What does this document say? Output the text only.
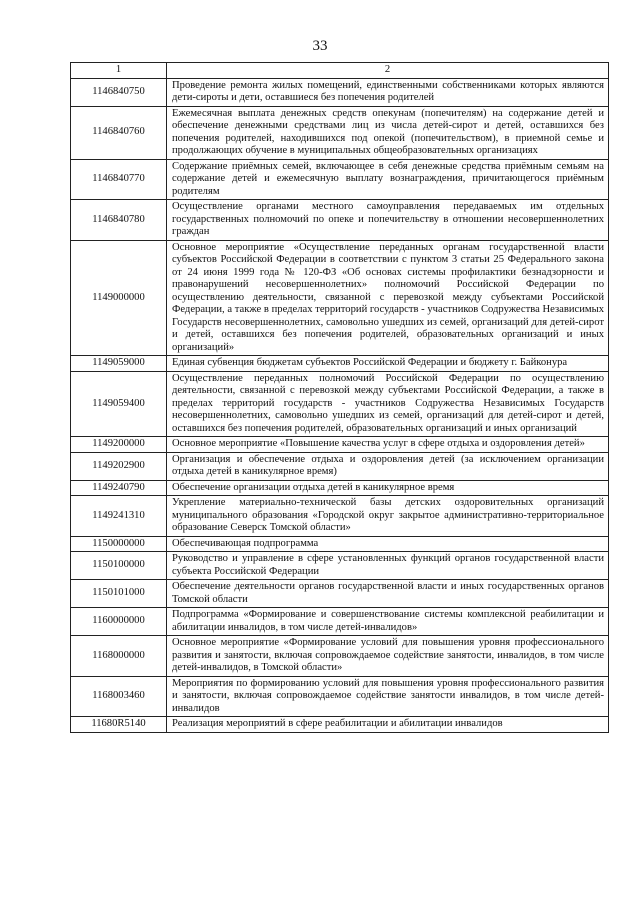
33
1	2
1146840750	Проведение ремонта жилых помещений, единственными собственниками которых являются дети-сироты и дети, оставшиеся без попечения родителей
1146840760	Ежемесячная выплата денежных средств опекунам (попечителям) на содержание детей и обеспечение денежными средствами лиц из числа детей-сирот и детей, оставшихся без попечения родителей, находившихся под опекой (попечительством), в приемной семье и продолжающих обучение в муниципальных общеобразовательных организациях
1146840770	Содержание приёмных семей, включающее в себя денежные средства приёмным семьям на содержание детей и ежемесячную выплату вознаграждения, причитающегося приёмным родителям
1146840780	Осуществление органами местного самоуправления передаваемых им отдельных государственных полномочий по опеке и попечительству в отношении несовершеннолетних граждан
1149000000	Основное мероприятие «Осуществление переданных органам государственной власти субъектов Российской Федерации в соответствии с пунктом 3 статьи 25 Федерального закона от 24 июня 1999 года № 120-ФЗ «Об основах системы профилактики безнадзорности и правонарушений несовершеннолетних» полномочий Российской Федерации по осуществлению деятельности, связанной с перевозкой между субъектами Российской Федерации, а также в пределах территорий государств - участников Содружества Независимых Государств несовершеннолетних, самовольно ушедших из семей, организаций для детей-сирот и детей, оставшихся без попечения родителей, образовательных организаций и иных организаций»
1149059000	Единая субвенция бюджетам субъектов Российской Федерации и бюджету г. Байконура
1149059400	Осуществление переданных полномочий Российской Федерации по осуществлению деятельности, связанной с перевозкой между субъектами Российской Федерации, а также в пределах территорий государств - участников Содружества Независимых Государств несовершеннолетних, самовольно ушедших из семей, организаций для детей-сирот и детей, оставшихся без попечения родителей, образовательных организаций и иных организаций
1149200000	Основное мероприятие «Повышение качества услуг в сфере отдыха и оздоровления детей»
1149202900	Организация и обеспечение отдыха и оздоровления детей (за исключением организации отдыха детей в каникулярное время)
1149240790	Обеспечение организации отдыха детей в каникулярное время
1149241310	Укрепление материально-технической базы детских оздоровительных организаций муниципального образования «Городской округ закрытое административно-территориальное образование Северск Томской области»
1150000000	Обеспечивающая подпрограмма
1150100000	Руководство и управление в сфере установленных функций органов государственной власти субъекта Российской Федерации
1150101000	Обеспечение деятельности органов государственной власти и иных государственных органов Томской области
1160000000	Подпрограмма «Формирование и совершенствование системы комплексной реабилитации и абилитации инвалидов, в том числе детей-инвалидов»
1168000000	Основное мероприятие «Формирование условий для повышения уровня профессионального развития и занятости, включая сопровождаемое содействие занятости, инвалидов, в том числе детей-инвалидов, в Томской области»
1168003460	Мероприятия по формированию условий для повышения уровня профессионального развития и занятости, включая сопровождаемое содействие занятости инвалидов, в том числе детей-инвалидов
11680R5140	Реализация мероприятий в сфере реабилитации и абилитации инвалидов
